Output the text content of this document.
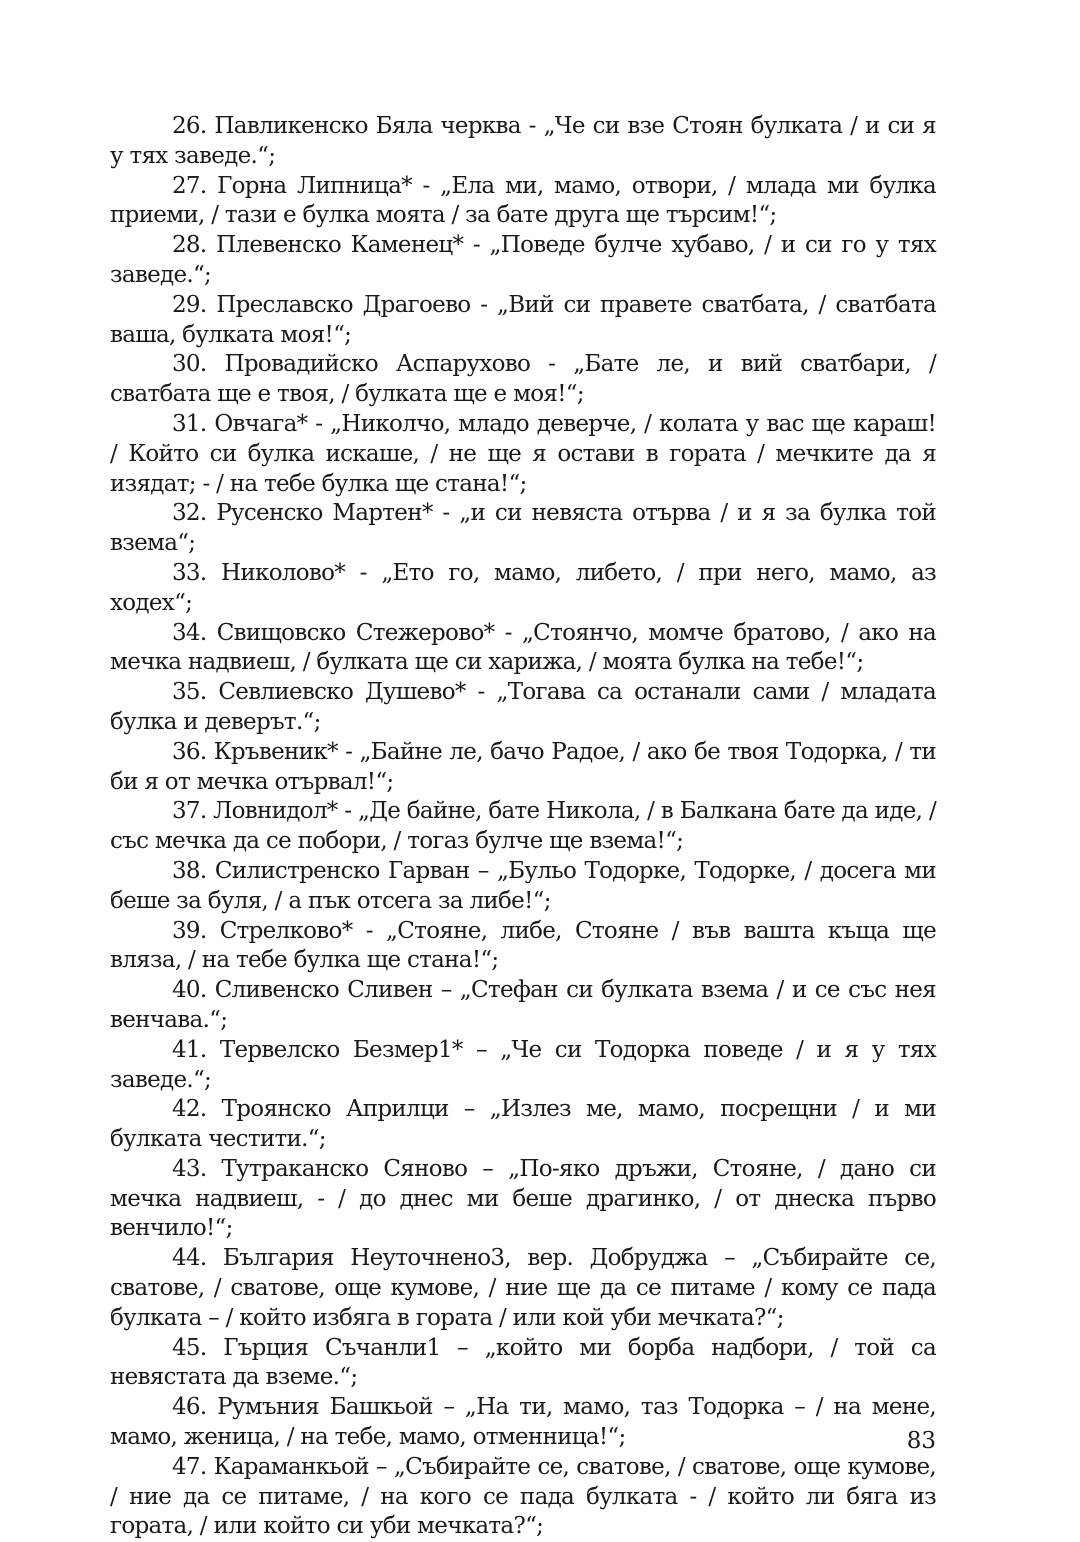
26. Павликенско Бяла черква - „Че си взе Стоян булката / и си я у тях заведе.“;

27. Горна Липница* - „Ела ми, мамо, отвори, / млада ми булка приеми, / тази е булка моята / за бате друга ще търсим!“;

28. Плевенско Каменец* - „Поведе булче хубаво, / и си го у тях заведе.“;

29. Преславско Драгоево - „Вий си правете сватбата, / сватбата ваша, булката моя!“;

30. Провадийско Аспарухово - „Бате ле, и вий сватбари, / сватбата ще е твоя, / булката ще е моя!“;

31. Овчага* - „Николчо, младо деверче, / колата у вас ще караш! / Който си булка искаше, / не ще я остави в гората / мечките да я изядат; - / на тебе булка ще стана!“;

32. Русенско Мартен* - „и си невяста отърва / и я за булка той взема“;

33. Николово* - „Ето го, мамо, либето, / при него, мамо, аз ходех“;

34. Свищовско Стежерово* - „Стоянчо, момче братово, / ако на мечка надвиеш, / булката ще си харижа, / моята булка на тебе!“;

35. Севлиевско Душево* - „Тогава са останали сами / младата булка и деверът.“;

36. Кръвеник* - „Байне ле, бачо Радое, / ако бе твоя Тодорка, / ти би я от мечка отървал!“;

37. Ловнидол* - „Де байне, бате Никола, / в Балкана бате да иде, / със мечка да се побори, / тогаз булче ще взема!“;

38. Силистренско Гарван – „Бульо Тодорке, Тодорке, / досега ми беше за буля, / а пък отсега за либе!“;

39. Стрелково* - „Стояне, либе, Стояне / във вашта къща ще вляза, / на тебе булка ще стана!“;

40. Сливенско Сливен – „Стефан си булката взема / и се със нея венчава.“;

41. Тервелско Безмер1* – „Че си Тодорка поведе / и я у тях заведе.“;

42. Троянско Априлци – „Излез ме, мамо, посрещни / и ми булката честити.“;

43. Тутраканско Сяново – „По-яко дръжи, Стояне, / дано си мечка надвиеш, - / до днес ми беше драгинко, / от днеска първо венчило!“;

44. България Неуточнено3, вер. Добруджа – „Събирайте се, сватове, / сватове, още кумове, / ние ще да се питаме / кому се пада булката – / който избяга в гората / или кой уби мечката?“;

45. Гърция Съчанли1 – „който ми борба надбори, / той са невястата да вземе.“;

46. Румъния Башкьой – „На ти, мамо, таз Тодорка – / на мене, мамо, женица, / на тебе, мамо, отменница!“;

47. Караманкьой – „Събирайте се, сватове, / сватове, още кумове, / ние да се питаме, / на кого се пада булката - / който ли бяга из гората, / или който си уби мечката?“;

83
